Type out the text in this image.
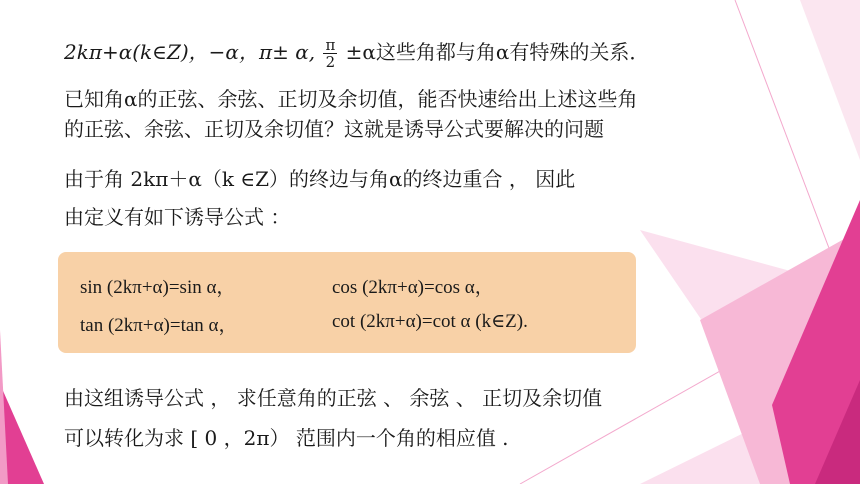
2kπ+α(k∈Z)，−α，π± α, $\frac{\pi}{2} \pm\alpha$这些角都与角α有特殊的关系．
已知角α的正弦、余弦、正切及余切值，能否快速给出上述这些角
的正弦、余弦、正切及余切值？这就是诱导公式要解决的问题
由于角 2kπ＋α（k ∈Z）的终边与角α的终边重合 ， 因此
由定义有如下诱导公式 ：
sin (2kπ+α)=sin α，	cos (2kπ+α)=cos α，
tan (2kπ+α)=tan α，	cot (2kπ+α)=cot α (k∈Z).
由这组诱导公式 ， 求任意角的正弦 、 余弦 、 正切及余切值
可以转化为求 [ 0 ，2π） 范围内一个角的相应值 .
